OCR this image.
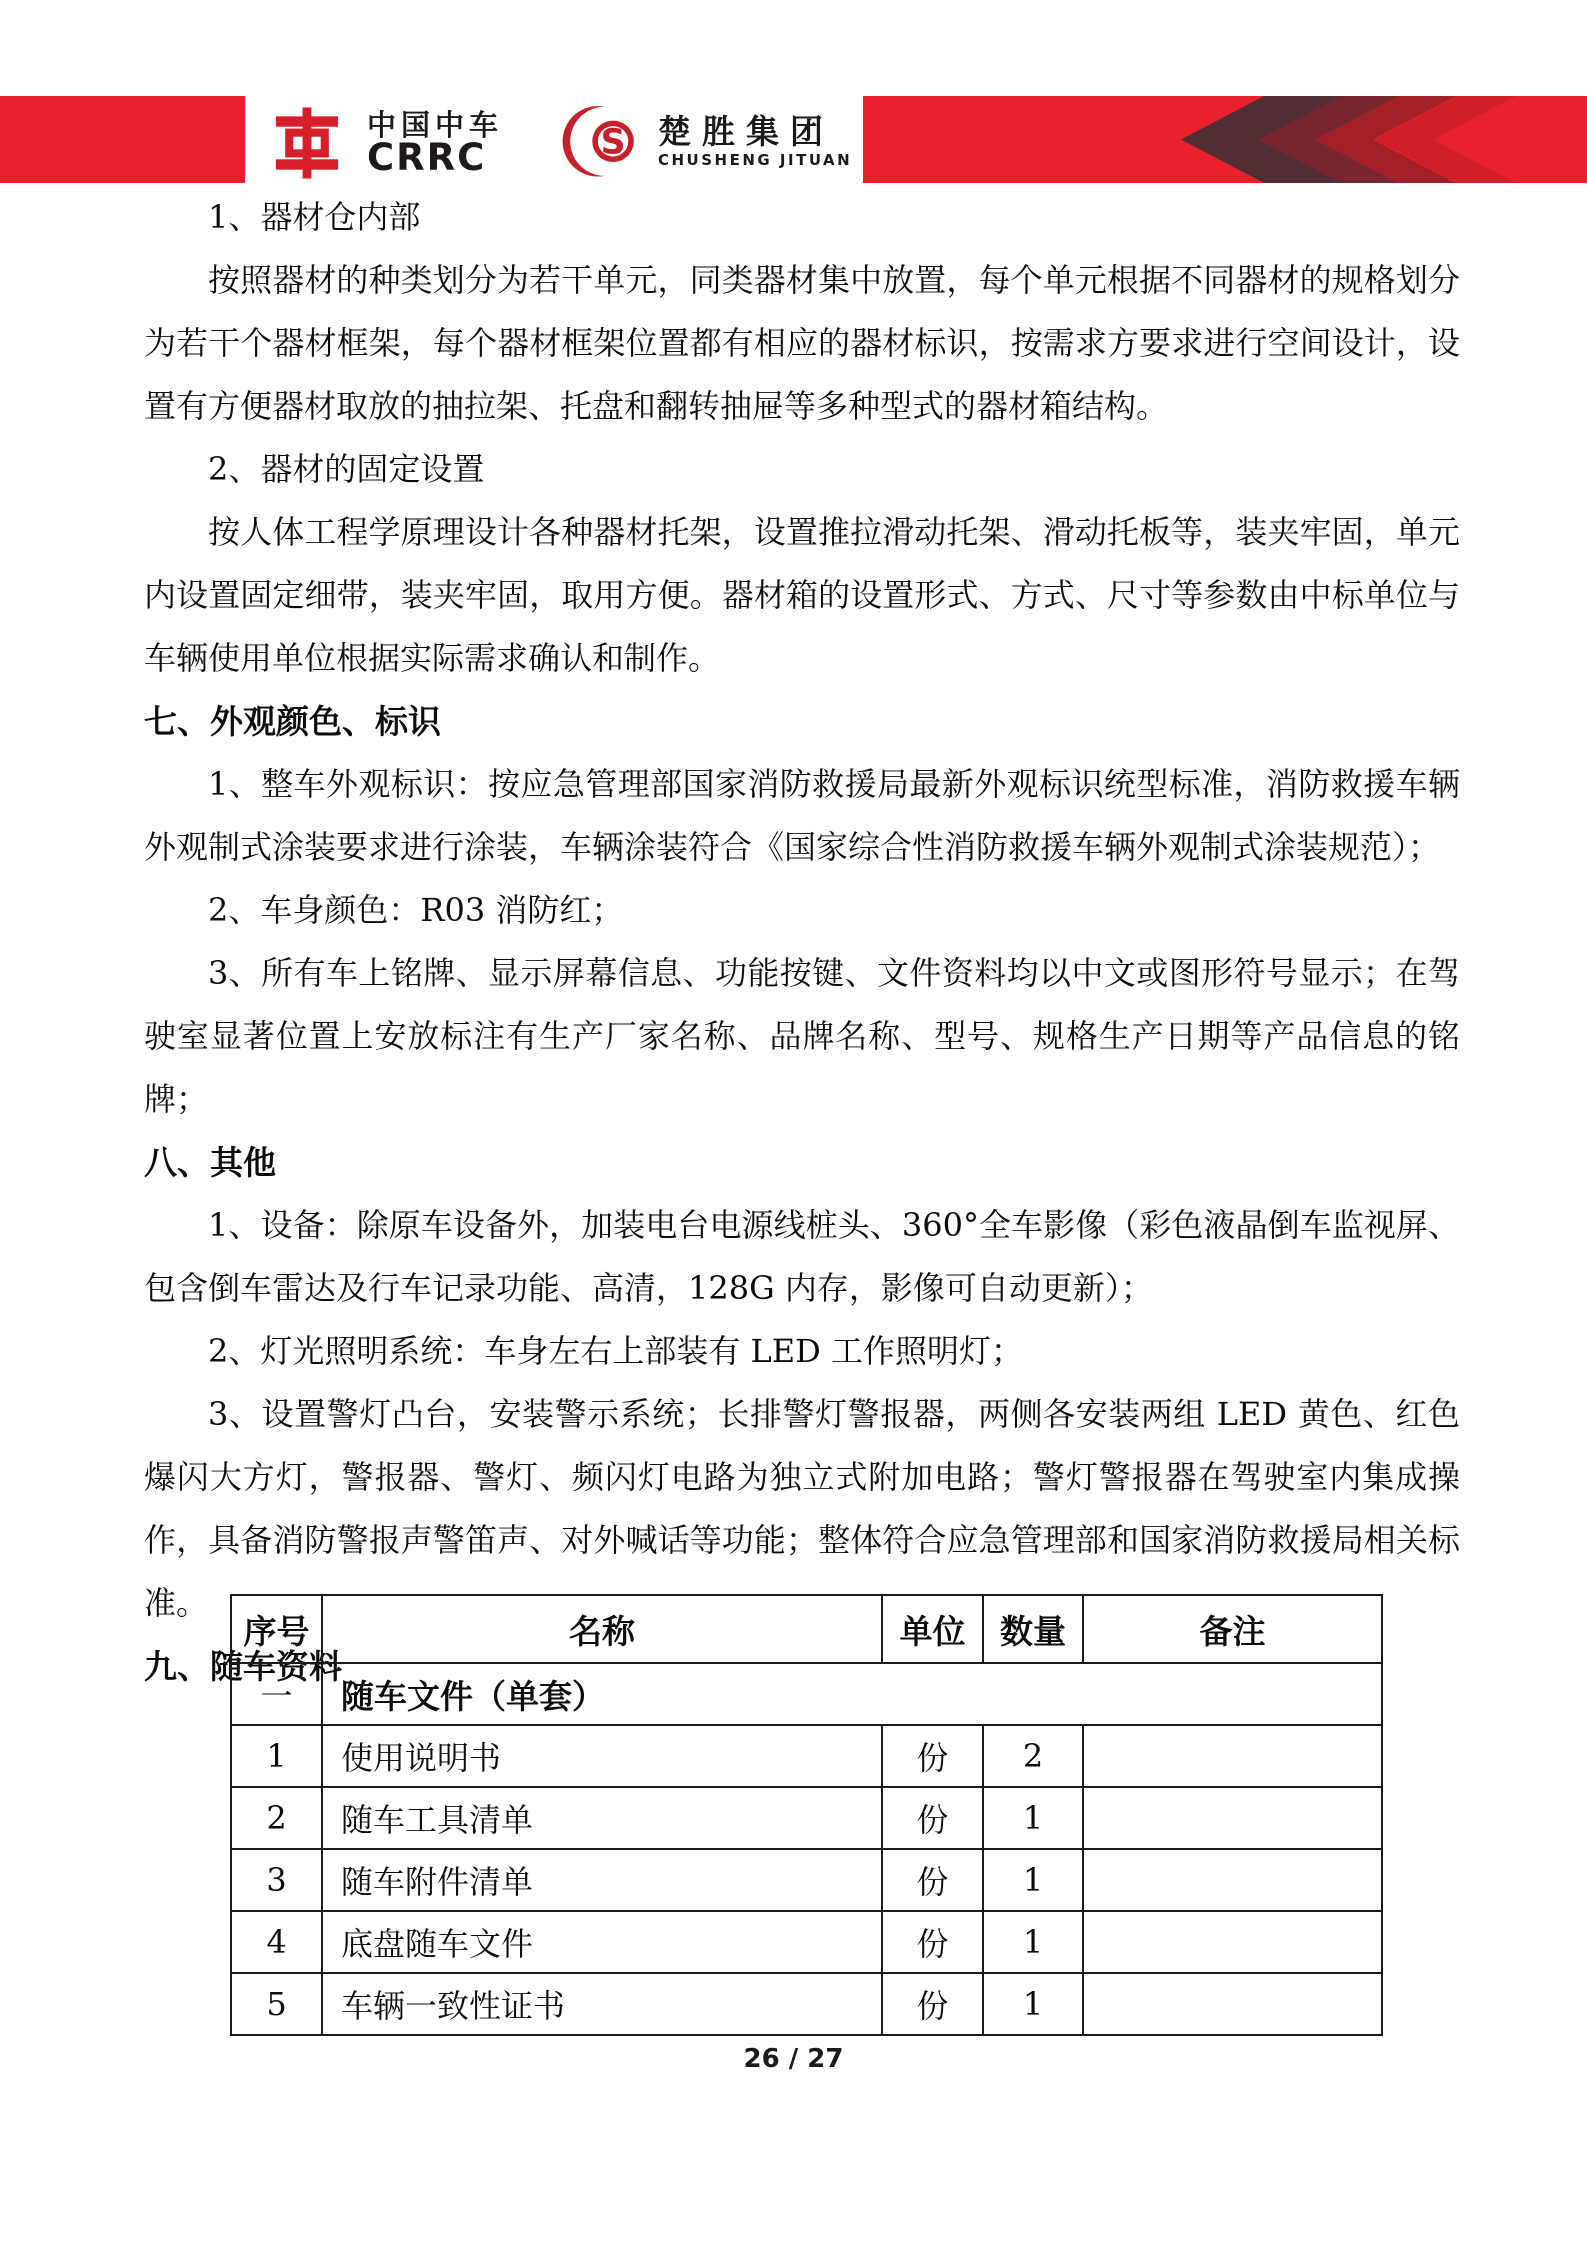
中国中车
CRRC	S 楚胜集团
CHUSHENG JITUAN

1、器材仓内部

按照器材的种类划分为若干单元，同类器材集中放置，每个单元根据不同器材的规格划分为若干个器材框架，每个器材框架位置都有相应的器材标识，按需求方要求进行空间设计，设置有方便器材取放的抽拉架、托盘和翻转抽屉等多种型式的器材箱结构。

2、器材的固定设置

按人体工程学原理设计各种器材托架，设置推拉滑动托架、滑动托板等，装夹牢固，单元内设置固定细带，装夹牢固，取用方便。器材箱的设置形式、方式、尺寸等参数由中标单位与车辆使用单位根据实际需求确认和制作。

七、外观颜色、标识

1、整车外观标识：按应急管理部国家消防救援局最新外观标识统型标准，消防救援车辆外观制式涂装要求进行涂装，车辆涂装符合《国家综合性消防救援车辆外观制式涂装规范）；

2、车身颜色：R03 消防红；

3、所有车上铭牌、显示屏幕信息、功能按键、文件资料均以中文或图形符号显示；在驾驶室显著位置上安放标注有生产厂家名称、品牌名称、型号、规格生产日期等产品信息的铭牌；

八、其他

1、设备：除原车设备外，加装电台电源线桩头、360°全车影像（彩色液晶倒车监视屏、包含倒车雷达及行车记录功能、高清，128G 内存，影像可自动更新）；

2、灯光照明系统：车身左右上部装有 LED 工作照明灯；

3、设置警灯凸台，安装警示系统；长排警灯警报器，两侧各安装两组 LED 黄色、红色爆闪大方灯，警报器、警灯、频闪灯电路为独立式附加电路；警灯警报器在驾驶室内集成操作，具备消防警报声警笛声、对外喊话等功能；整体符合应急管理部和国家消防救援局相关标准。

九、随车资料

序号	名称	单位	数量	备注
一	随车文件（单套）			
1	使用说明书	份	2	
2	随车工具清单	份	1	
3	随车附件清单	份	1	
4	底盘随车文件	份	1	
5	车辆一致性证书	份	1	
26 / 27
